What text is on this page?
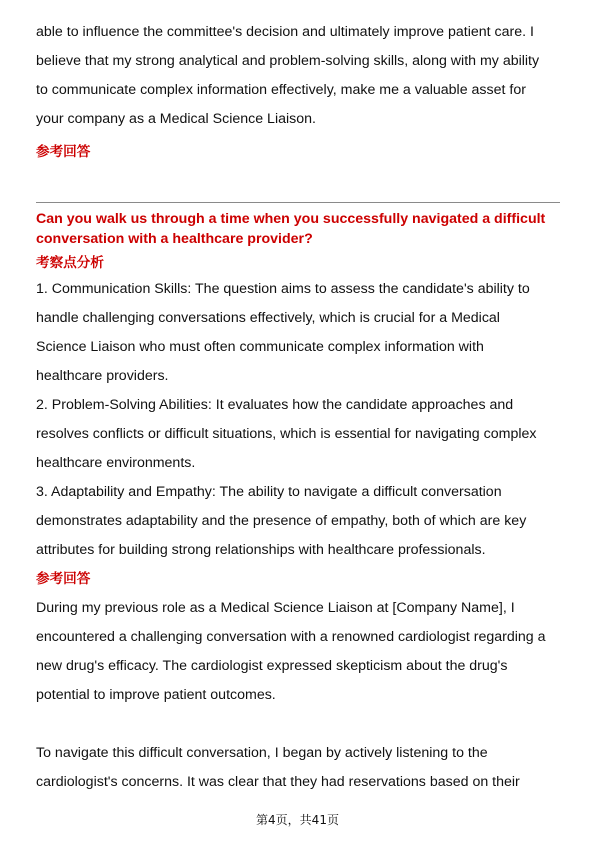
able to influence the committee's decision and ultimately improve patient care. I
believe that my strong analytical and problem-solving skills, along with my ability
to communicate complex information effectively, make me a valuable asset for
your company as a Medical Science Liaison.
参考回答
Can you walk us through a time when you successfully navigated a difficult
conversation with a healthcare provider?
考察点分析
1. Communication Skills: The question aims to assess the candidate's ability to
handle challenging conversations effectively, which is crucial for a Medical
Science Liaison who must often communicate complex information with
healthcare providers.
2. Problem-Solving Abilities: It evaluates how the candidate approaches and
resolves conflicts or difficult situations, which is essential for navigating complex
healthcare environments.
3. Adaptability and Empathy: The ability to navigate a difficult conversation
demonstrates adaptability and the presence of empathy, both of which are key
attributes for building strong relationships with healthcare professionals.
参考回答
During my previous role as a Medical Science Liaison at [Company Name], I
encountered a challenging conversation with a renowned cardiologist regarding a
new drug's efficacy. The cardiologist expressed skepticism about the drug's
potential to improve patient outcomes.
To navigate this difficult conversation, I began by actively listening to the
cardiologist's concerns. It was clear that they had reservations based on their
第4页，共41页
